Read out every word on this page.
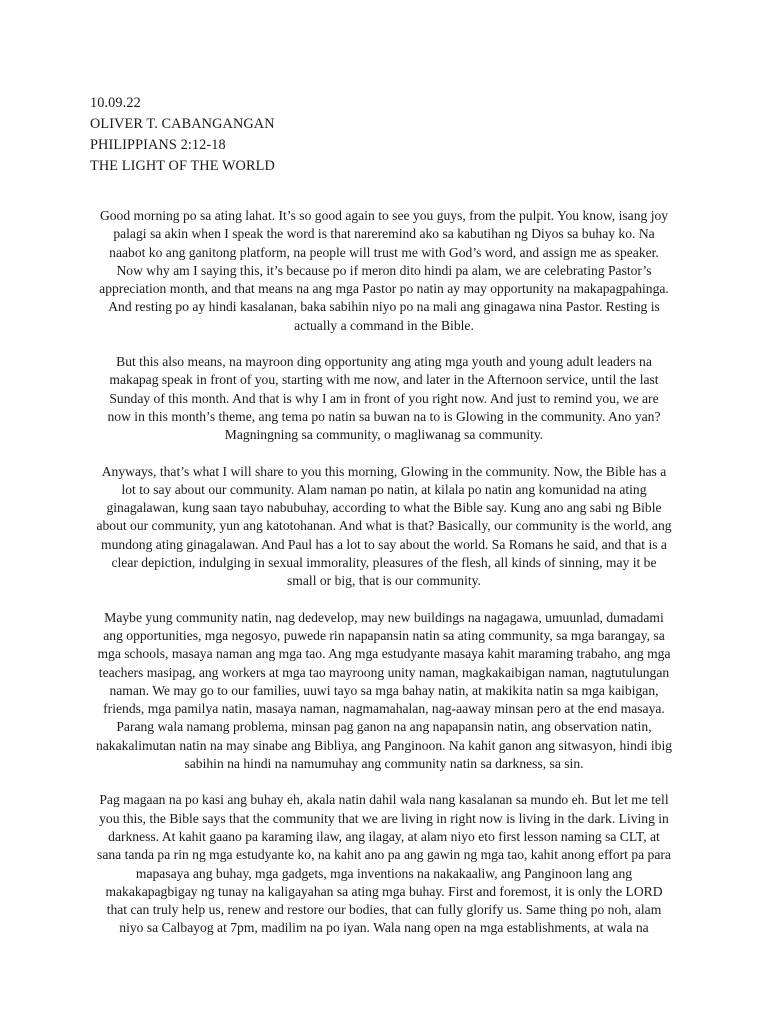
10.09.22
OLIVER T. CABANGANGAN
PHILIPPIANS 2:12-18
THE LIGHT OF THE WORLD
Good morning po sa ating lahat. It’s so good again to see you guys, from the pulpit. You know, isang joy
palagi sa akin when I speak the word is that nareremind ako sa kabutihan ng Diyos sa buhay ko. Na
naabot ko ang ganitong platform, na people will trust me with God’s word, and assign me as speaker.
Now why am I saying this, it’s because po if meron dito hindi pa alam, we are celebrating Pastor’s
appreciation month, and that means na ang mga Pastor po natin ay may opportunity na makapagpahinga.
And resting po ay hindi kasalanan, baka sabihin niyo po na mali ang ginagawa nina Pastor. Resting is
actually a command in the Bible.
But this also means, na mayroon ding opportunity ang ating mga youth and young adult leaders na
makapag speak in front of you, starting with me now, and later in the Afternoon service, until the last
Sunday of this month. And that is why I am in front of you right now. And just to remind you, we are
now in this month’s theme, ang tema po natin sa buwan na to is Glowing in the community. Ano yan?
Magningning sa community, o magliwanag sa community.
Anyways, that’s what I will share to you this morning, Glowing in the community. Now, the Bible has a
lot to say about our community. Alam naman po natin, at kilala po natin ang komunidad na ating
ginagalawan, kung saan tayo nabubuhay, according to what the Bible say. Kung ano ang sabi ng Bible
about our community, yun ang katotohanan. And what is that? Basically, our community is the world, ang
mundong ating ginagalawan. And Paul has a lot to say about the world. Sa Romans he said, and that is a
clear depiction, indulging in sexual immorality, pleasures of the flesh, all kinds of sinning, may it be
small or big, that is our community.
Maybe yung community natin, nag dedevelop, may new buildings na nagagawa, umuunlad, dumadami
ang opportunities, mga negosyo, puwede rin napapansin natin sa ating community, sa mga barangay, sa
mga schools, masaya naman ang mga tao. Ang mga estudyante masaya kahit maraming trabaho, ang mga
teachers masipag, ang workers at mga tao mayroong unity naman, magkakaibigan naman, nagtutulungan
naman. We may go to our families, uuwi tayo sa mga bahay natin, at makikita natin sa mga kaibigan,
friends, mga pamilya natin, masaya naman, nagmamahalan, nag-aaway minsan pero at the end masaya.
Parang wala namang problema, minsan pag ganon na ang napapansin natin, ang observation natin,
nakakalimutan natin na may sinabe ang Bibliya, ang Panginoon. Na kahit ganon ang sitwasyon, hindi ibig
sabihin na hindi na namumuhay ang community natin sa darkness, sa sin.
Pag magaan na po kasi ang buhay eh, akala natin dahil wala nang kasalanan sa mundo eh. But let me tell
you this, the Bible says that the community that we are living in right now is living in the dark. Living in
darkness. At kahit gaano pa karaming ilaw, ang ilagay, at alam niyo eto first lesson naming sa CLT, at
sana tanda pa rin ng mga estudyante ko, na kahit ano pa ang gawin ng mga tao, kahit anong effort pa para
mapasaya ang buhay, mga gadgets, mga inventions na nakakaaliw, ang Panginoon lang ang
makakapagbigay ng tunay na kaligayahan sa ating mga buhay. First and foremost, it is only the LORD
that can truly help us, renew and restore our bodies, that can fully glorify us. Same thing po noh, alam
niyo sa Calbayog at 7pm, madilim na po iyan. Wala nang open na mga establishments, at wala na
